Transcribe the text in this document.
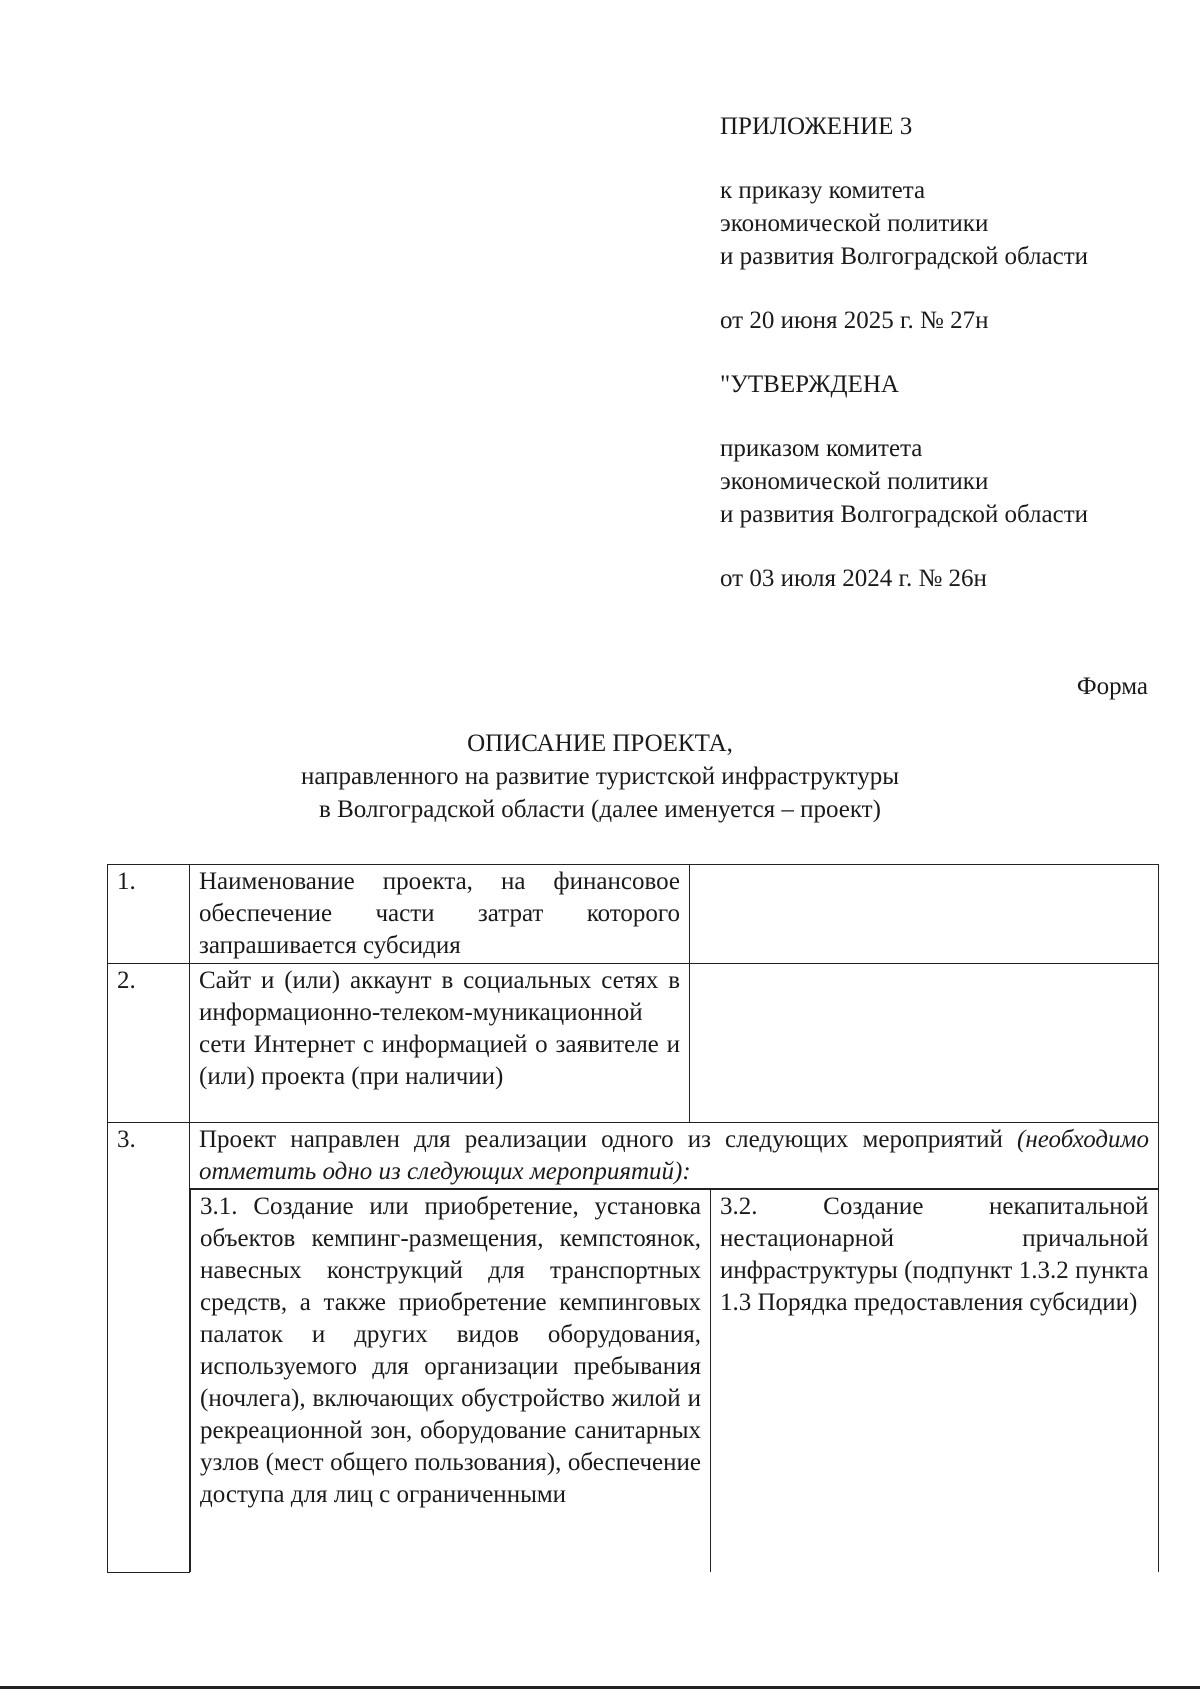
ПРИЛОЖЕНИЕ 3
к приказу комитета
экономической политики
и развития Волгоградской области
от 20 июня 2025 г. № 27н
"УТВЕРЖДЕНА
приказом комитета
экономической политики
и развития Волгоградской области
от 03 июля 2024 г. № 26н
Форма
ОПИСАНИЕ ПРОЕКТА,
направленного на развитие туристской инфраструктуры
в Волгоградской области (далее именуется – проект)
1.	Наименование проекта, на финансовое обеспечение части затрат которого запрашивается субсидия	
2.	Сайт и (или) аккаунт в социальных сетях в информационно-телеком-муникационной сети Интернет с информацией о заявителе и (или) проекта (при наличии)	
3.	Проект направлен для реализации одного из следующих мероприятий (необходимо отметить одно из следующих мероприятий):

3.1. Создание или приобретение, установка объектов кемпинг-размещения, кемпстоянок, навесных конструкций для транспортных средств, а также приобретение кемпинговых палаток и других видов оборудования, используемого для организации пребывания (ночлега), включающих обустройство жилой и рекреационной зон, оборудование санитарных узлов (мест общего пользования), обеспечение доступа для лиц с ограниченными	3.2. Создание некапитальной нестационарной причальной инфраструктуры (подпункт 1.3.2 пункта 1.3 Порядка предоставления субсидии)
